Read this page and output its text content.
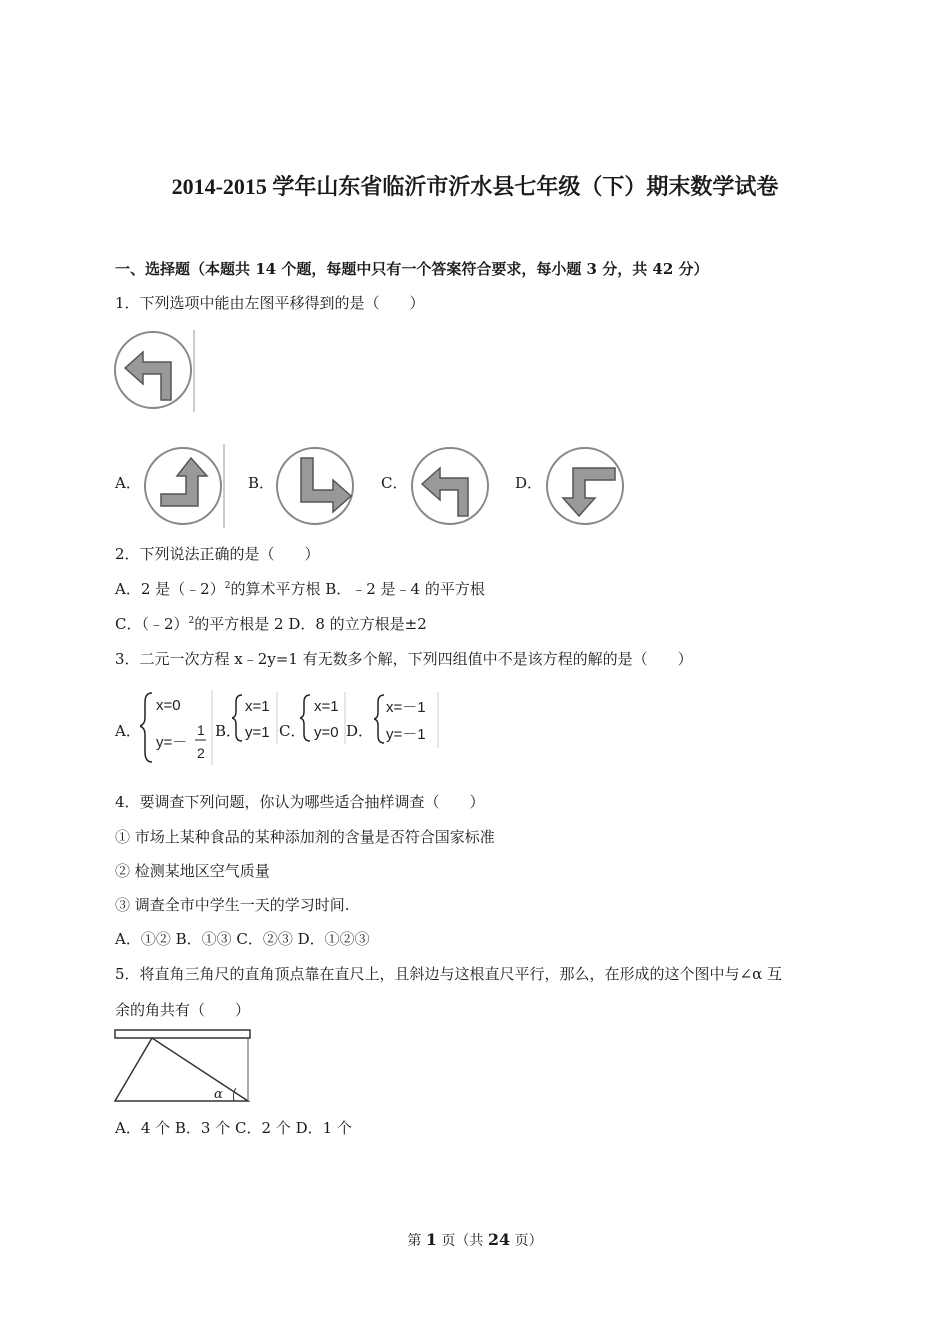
2014-2015 学年山东省临沂市沂水县七年级（下）期末数学试卷
一、选择题（本题共 14 个题，每题中只有一个答案符合要求，每小题 3 分，共 42 分）
1．下列选项中能由左图平移得到的是（　　）
A．	B．	C．	D．
2．下列说法正确的是（　　）
A．2 是（﹣2）$^2$的算术平方根 B．﹣2 是﹣4 的平方根
C．（﹣2）$^2$的平方根是 2 D．8 的立方根是±2
3．二元一次方程 x﹣2y=1 有无数多个解，下列四组值中不是该方程的解的是（　　）
A．
x=0
y=－
1
2
B．
x=1
y=1 C．
x=1
y=0 D．
x=－1
y=－1
4．要调查下列问题，你认为哪些适合抽样调查（　　）
① 市场上某种食品的某种添加剂的含量是否符合国家标准
② 检测某地区空气质量
③ 调查全市中学生一天的学习时间.
A．①② B．①③ C．②③ D．①②③
5．将直角三角尺的直角顶点靠在直尺上，且斜边与这根直尺平行，那么，在形成的这个图中与∠α 互
余的角共有（　　）
α
A．4 个 B．3 个 C．2 个 D．1 个
第 1 页（共 24 页）
